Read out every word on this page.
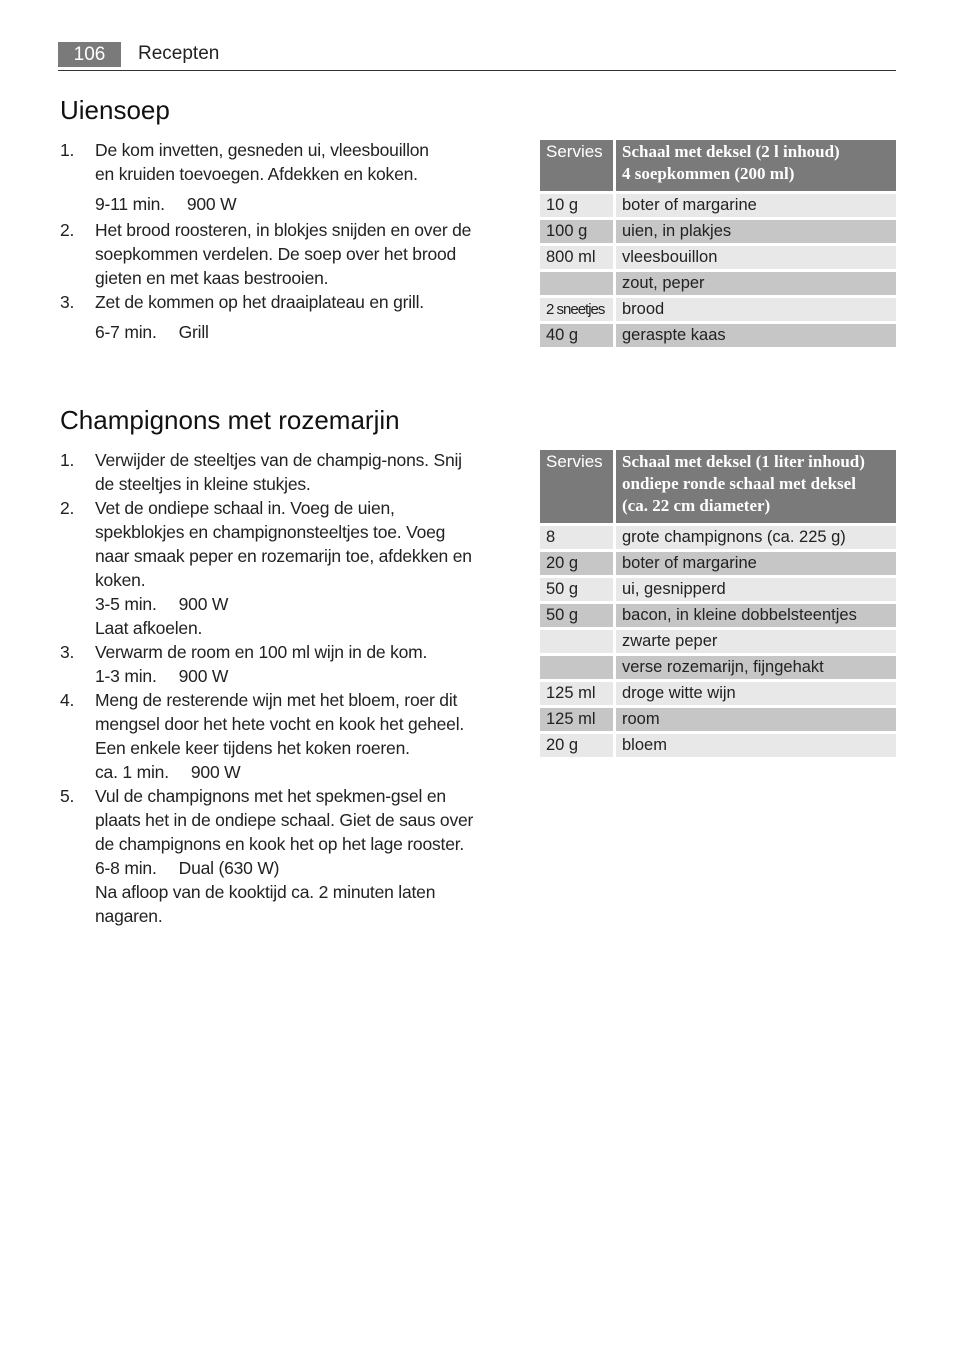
106	Recepten
Uiensoep
1. De kom invetten, gesneden ui, vleesbouillon
en kruiden toevoegen. Afdekken en koken.
9-11 min. 900 W
2. Het brood roosteren, in blokjes snijden en over de
soepkommen verdelen. De soep over het brood
gieten en met kaas bestrooien.
3. Zet de kommen op het draaiplateau en grill.
6-7 min. Grill
Servies		Schaal met deksel (2 l inhoud)
4 soepkommen (200 ml)

10 g		boter of margarine
100 g		uien, in plakjes
800 ml		vleesbouillon
		zout, peper
2 sneetjes		brood
40 g		geraspte kaas
Champignons met rozemarjin
1. Verwijder de steeltjes van de champig-nons. Snij
de steeltjes in kleine stukjes.
2. Vet de ondiepe schaal in. Voeg de uien,
spekblokjes en champignonsteeltjes toe. Voeg
naar smaak peper en rozemarijn toe, afdekken en
koken.
3-5 min. 900 W
Laat afkoelen.
3. Verwarm de room en 100 ml wijn in de kom.
1-3 min. 900 W
4. Meng de resterende wijn met het bloem, roer dit
mengsel door het hete vocht en kook het geheel.
Een enkele keer tijdens het koken roeren.
ca. 1 min. 900 W
5. Vul de champignons met het spekmen-gsel en
plaats het in de ondiepe schaal. Giet de saus over
de champignons en kook het op het lage rooster.
6-8 min. Dual (630 W)
Na afloop van de kooktijd ca. 2 minuten laten
nagaren.
Servies		Schaal met deksel (1 liter inhoud)
ondiepe ronde schaal met deksel
(ca. 22 cm diameter)

8		grote champignons (ca. 225 g)
20 g		boter of margarine
50 g		ui, gesnipperd
50 g		bacon, in kleine dobbelsteentjes
		zwarte peper
		verse rozemarijn, fijngehakt
125 ml		droge witte wijn
125 ml		room
20 g		bloem
